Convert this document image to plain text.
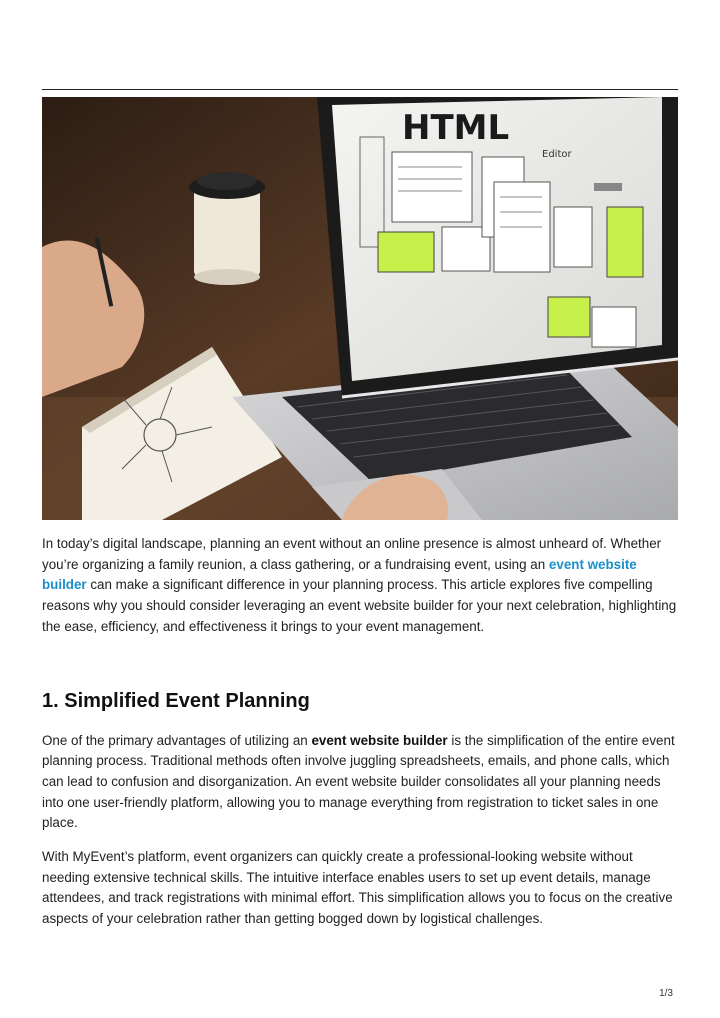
HTML
Editor

In today’s digital landscape, planning an event without an online presence is almost unheard of. Whether you’re organizing a family reunion, a class gathering, or a fundraising event, using an event website builder can make a significant difference in your planning process. This article explores five compelling reasons why you should consider leveraging an event website builder for your next celebration, highlighting the ease, efficiency, and effectiveness it brings to your event management.

1. Simplified Event Planning

One of the primary advantages of utilizing an event website builder is the simplification of the entire event planning process. Traditional methods often involve juggling spreadsheets, emails, and phone calls, which can lead to confusion and disorganization. An event website builder consolidates all your planning needs into one user-friendly platform, allowing you to manage everything from registration to ticket sales in one place.

With MyEvent’s platform, event organizers can quickly create a professional-looking website without needing extensive technical skills. The intuitive interface enables users to set up event details, manage attendees, and track registrations with minimal effort. This simplification allows you to focus on the creative aspects of your celebration rather than getting bogged down by logistical challenges.

1/3
